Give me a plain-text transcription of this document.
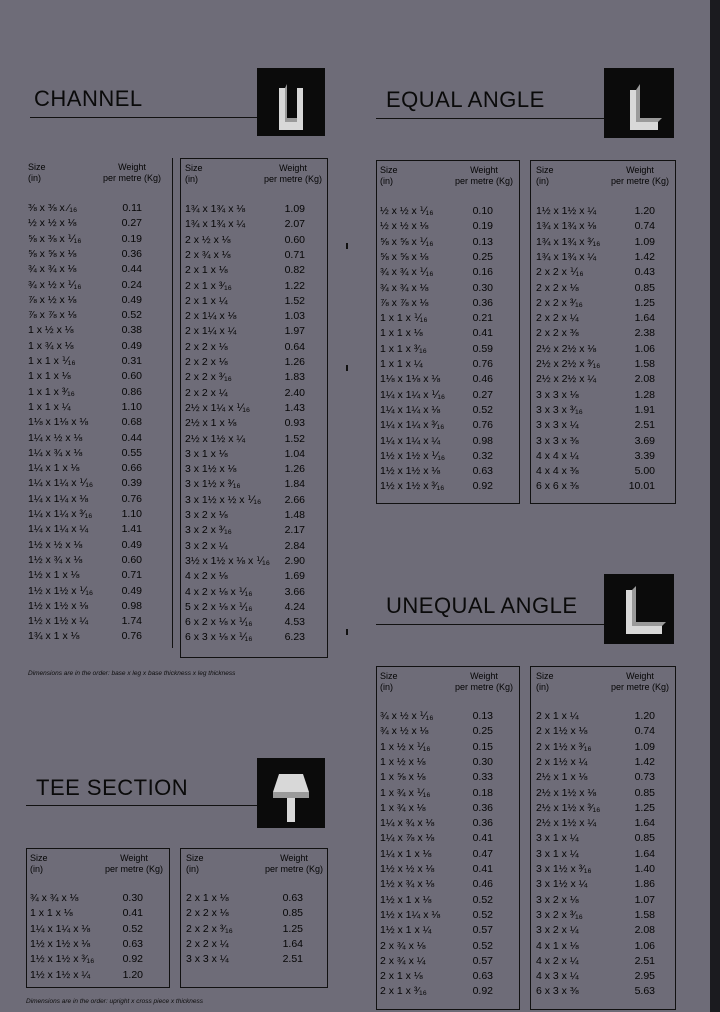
CHANNEL
Size
(in)
Weight
per metre (Kg)
⅜ x ⅜ x ⁄₁₆	0.11
½ x ½ x ⅛	0.27
⅝ x ⅜ x ⅟₁₆	0.19
⅝ x ⅝ x ⅛	0.36
¾ x ¾ x ⅛	0.44
¾ x ½ x ⅟₁₆	0.24
⅞ x ½ x ⅛	0.49
⅞ x ⅞ x ⅛	0.52
1 x ½ x ⅛	0.38
1 x ¾ x ⅛	0.49
1 x 1 x ⅟₁₆	0.31
1 x 1 x ⅛	0.60
1 x 1 x ³⁄₁₆	0.86
1 x 1 x ¼	1.10
1⅛ x 1⅛ x ⅛	0.68
1¼ x ½ x ⅛	0.44
1¼ x ¾ x ⅛	0.55
1¼ x 1 x ⅛	0.66
1¼ x 1¼ x ⅟₁₆	0.39
1¼ x 1¼ x ⅛	0.76
1¼ x 1¼ x ³⁄₁₆	1.10
1¼ x 1¼ x ¼	1.41
1½ x ½ x ⅛	0.49
1½ x ¾ x ⅛	0.60
1½ x 1 x ⅛	0.71
1½ x 1½ x ⅟₁₆	0.49
1½ x 1½ x ⅛	0.98
1½ x 1½ x ¼	1.74
1¾ x 1 x ⅛	0.76
Size
(in)
Weight
per metre (Kg)
1¾ x 1¾ x ⅛	1.09
1¾ x 1¾ x ¼	2.07
2 x ½ x ⅛	0.60
2 x ¾ x ⅛	0.71
2 x 1 x ⅛	0.82
2 x 1 x ³⁄₁₆	1.22
2 x 1 x ¼	1.52
2 x 1¼ x ⅛	1.03
2 x 1¼ x ¼	1.97
2 x 2 x ⅛	0.64
2 x 2 x ⅛	1.26
2 x 2 x ³⁄₁₆	1.83
2 x 2 x ¼	2.40
2½ x 1¼ x ⅟₁₆	1.43
2½ x 1 x ⅛	0.93
2½ x 1½ x ¼	1.52
3 x 1 x ⅛	1.04
3 x 1½ x ⅛	1.26
3 x 1½ x ³⁄₁₆	1.84
3 x 1½ x ½ x ⅟₁₆ 2.66
3 x 2 x ⅛	1.48
3 x 2 x ³⁄₁₆	2.17
3 x 2 x ¼	2.84
3½ x 1½ x ⅛ x ⅟₁₆ 2.90
4 x 2 x ⅛	1.69
4 x 2 x ⅛ x ⅟₁₆	3.66
5 x 2 x ⅛ x ⅟₁₆	4.24
6 x 2 x ⅛ x ⅟₁₆	4.53
6 x 3 x ⅛ x ⅟₁₆	6.23
Dimensions are in the order: base x leg x base thickness x leg thickness
EQUAL ANGLE
Size
(in)
Weight
per metre (Kg)
½ x ½ x ⅟₁₆	0.10
½ x ½ x ⅛	0.19
⅝ x ⅝ x ⅟₁₆	0.13
⅝ x ⅝ x ⅛	0.25
¾ x ¾ x ⅟₁₆	0.16
¾ x ¾ x ⅛	0.30
⅞ x ⅞ x ⅛	0.36
1 x 1 x ⅟₁₆	0.21
1 x 1 x ⅛	0.41
1 x 1 x ³⁄₁₆	0.59
1 x 1 x ¼	0.76
1⅛ x 1⅛ x ⅛	0.46
1¼ x 1¼ x ⅟₁₆	0.27
1¼ x 1¼ x ⅛	0.52
1¼ x 1¼ x ³⁄₁₆	0.76
1¼ x 1¼ x ¼	0.98
1½ x 1½ x ⅟₁₆	0.32
1½ x 1½ x ⅛	0.63
1½ x 1½ x ³⁄₁₆	0.92
Size
(in)
Weight
per metre (Kg)
1½ x 1½ x ¼	1.20
1¾ x 1¾ x ⅛	0.74
1¾ x 1¾ x ³⁄₁₆	1.09
1¾ x 1¾ x ¼	1.42
2 x 2 x ⅟₁₆	0.43
2 x 2 x ⅛	0.85
2 x 2 x ³⁄₁₆	1.25
2 x 2 x ¼	1.64
2 x 2 x ⅜	2.38
2½ x 2½ x ⅛	1.06
2½ x 2½ x ³⁄₁₆	1.58
2½ x 2½ x ¼	2.08
3 x 3 x ⅛	1.28
3 x 3 x ³⁄₁₆	1.91
3 x 3 x ¼	2.51
3 x 3 x ⅜	3.69
4 x 4 x ¼	3.39
4 x 4 x ⅜	5.00
6 x 6 x ⅜	10.01
UNEQUAL ANGLE
Size
(in)
Weight
per metre (Kg)
¾ x ½ x ⅟₁₆	0.13
¾ x ½ x ⅛	0.25
1 x ½ x ⅟₁₆	0.15
1 x ½ x ⅛	0.30
1 x ⅝ x ⅛	0.33
1 x ¾ x ⅟₁₆	0.18
1 x ¾ x ⅛	0.36
1¼ x ¾ x ⅛	0.36
1¼ x ⅞ x ⅛	0.41
1¼ x 1 x ⅛	0.47
1½ x ½ x ⅛	0.41
1½ x ¾ x ⅛	0.46
1½ x 1 x ⅛	0.52
1½ x 1¼ x ⅛	0.52
1½ x 1 x ¼	0.57
2 x ¾ x ⅛	0.52
2 x ¾ x ¼	0.57
2 x 1 x ⅛	0.63
2 x 1 x ³⁄₁₆	0.92
Size
(in)
Weight
per metre (Kg)
2 x 1 x ¼	1.20
2 x 1½ x ⅛	0.74
2 x 1½ x ³⁄₁₆	1.09
2 x 1½ x ¼	1.42
2½ x 1 x ⅛	0.73
2½ x 1½ x ⅛	0.85
2½ x 1½ x ³⁄₁₆	1.25
2½ x 1½ x ¼	1.64
3 x 1 x ¼	0.85
3 x 1 x ¼	1.64
3 x 1½ x ³⁄₁₆	1.40
3 x 1½ x ¼	1.86
3 x 2 x ⅛	1.07
3 x 2 x ³⁄₁₆	1.58
3 x 2 x ¼	2.08
4 x 1 x ⅛	1.06
4 x 2 x ¼	2.51
4 x 3 x ¼	2.95
6 x 3 x ⅜	5.63
TEE SECTION
Size
(in)
Weight
per metre (Kg)
¾ x ¾ x ⅛	0.30
1 x 1 x ⅛	0.41
1¼ x 1¼ x ⅛	0.52
1½ x 1½ x ⅛	0.63
1½ x 1½ x ³⁄₁₆	0.92
1½ x 1½ x ¼	1.20
Size
(in)
Weight
per metre (Kg)
2 x 1 x ⅛	0.63
2 x 2 x ⅛	0.85
2 x 2 x ³⁄₁₆	1.25
2 x 2 x ¼	1.64
3 x 3 x ¼	2.51
Dimensions are in the order: upright x cross piece x thickness
